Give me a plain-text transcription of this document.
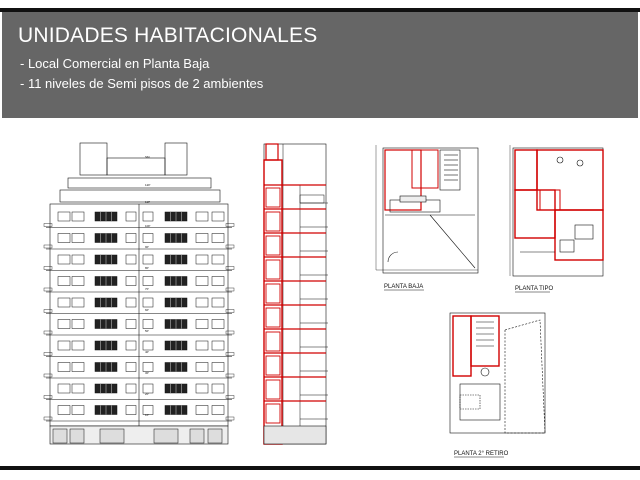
UNIDADES HABITACIONALES
- Local Comercial en Planta Baja
- 11 niveles de Semi pisos de 2 ambientes
SM
12P
11P
10P
9P
8P
7P
6P
5P
4P
3P
2P
1P
PLANTA BAJA	PLANTA TIPO
PLANTA 2° RETIRO
